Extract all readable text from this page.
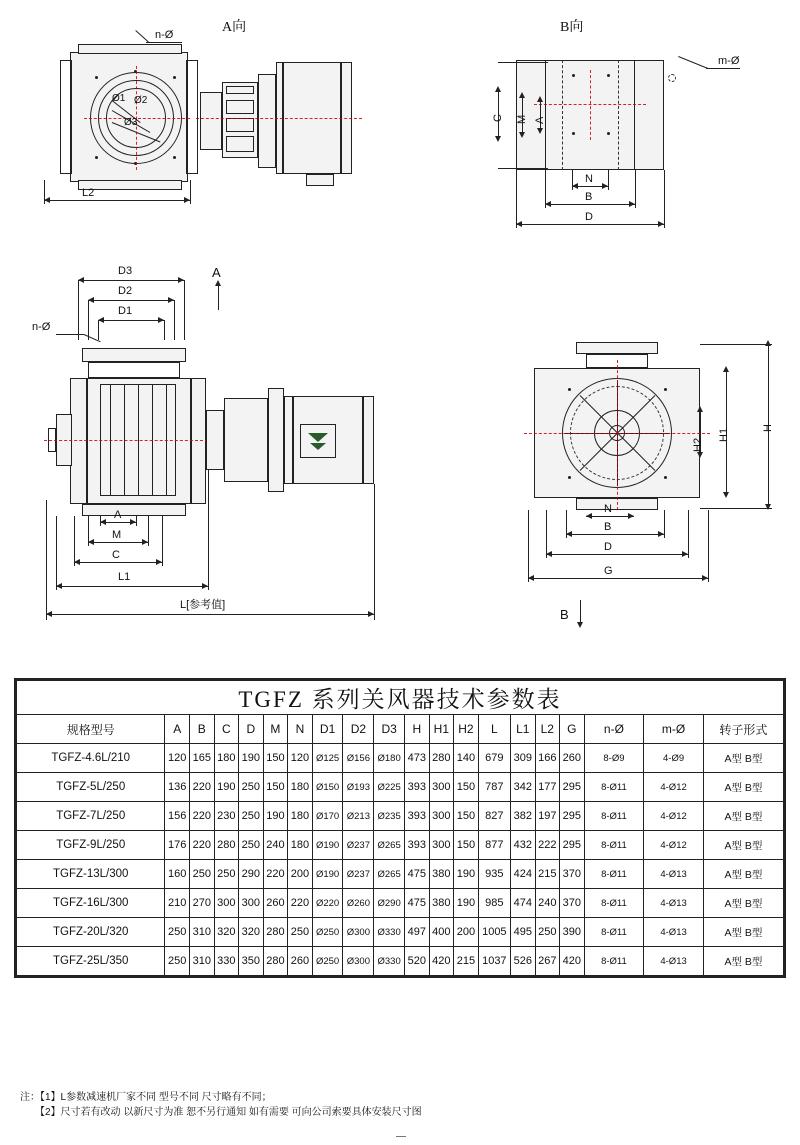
A向
Ø1 Ø2
Ø3
n-Ø
L2
B向
m-Ø
C M A
N
B
D
D3
D2
D1
n-Ø
A
A
M
C
L1
L[参考值]
H
H1
H2
N
B
D
G
B
TGFZ 系列关风器技术参数表																			
规格型号	A	B	C	D	M	N	D1	D2	D3	H	H1	H2	L	L1	L2	G	n-Ø	m-Ø	转子形式
TGFZ-4.6L/210	120	165	180	190	150	120	Ø125	Ø156	Ø180	473	280	140	679	309	166	260	8-Ø9	4-Ø9	A型 B型
TGFZ-5L/250	136	220	190	250	150	180	Ø150	Ø193	Ø225	393	300	150	787	342	177	295	8-Ø11	4-Ø12	A型 B型
TGFZ-7L/250	156	220	230	250	190	180	Ø170	Ø213	Ø235	393	300	150	827	382	197	295	8-Ø11	4-Ø12	A型 B型
TGFZ-9L/250	176	220	280	250	240	180	Ø190	Ø237	Ø265	393	300	150	877	432	222	295	8-Ø11	4-Ø12	A型 B型
TGFZ-13L/300	160	250	250	290	220	200	Ø190	Ø237	Ø265	475	380	190	935	424	215	370	8-Ø11	4-Ø13	A型 B型
TGFZ-16L/300	210	270	300	300	260	220	Ø220	Ø260	Ø290	475	380	190	985	474	240	370	8-Ø11	4-Ø13	A型 B型
TGFZ-20L/320	250	310	320	320	280	250	Ø250	Ø300	Ø330	497	400	200	1005	495	250	390	8-Ø11	4-Ø13	A型 B型
TGFZ-25L/350	250	310	330	350	280	260	Ø250	Ø300	Ø330	520	420	215	1037	526	267	420	8-Ø11	4-Ø13	A型 B型
注：【1】L参数减速机厂家不同 型号不同 尺寸略有不同；
　　【2】尺寸若有改动 以新尺寸为准 恕不另行通知 如有需要 可向公司索要具体安装尺寸图
